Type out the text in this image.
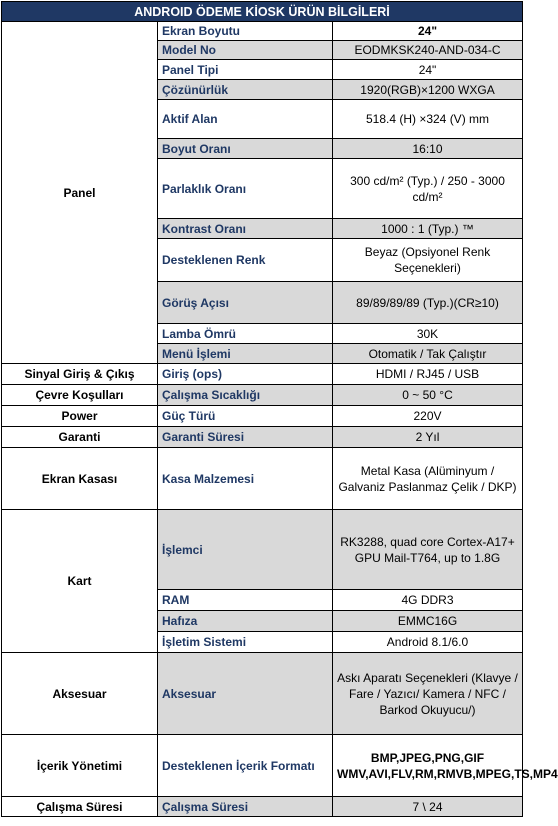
ANDROID ÖDEME KİOSK ÜRÜN BİLGİLERİ		
Panel	Ekran Boyutu	24"
	Model No	EODMKSK240-AND-034-C
	Panel Tipi	24"
	Çözünürlük	1920(RGB)×1200 WXGA
	Aktif Alan	518.4 (H) ×324 (V) mm
	Boyut Oranı	16:10
	Parlaklık Oranı	300 cd/m² (Typ.) / 250 - 3000 cd/m²
	Kontrast Oranı	1000 : 1 (Typ.) ™
	Desteklenen Renk	Beyaz (Opsiyonel Renk Seçenekleri)
	Görüş Açısı	89/89/89/89 (Typ.)(CR≥10)
	Lamba Ömrü	30K
	Menü İşlemi	Otomatik / Tak Çalıştır
Sinyal Giriş & Çıkış	Giriş (ops)	HDMI / RJ45 / USB
Çevre Koşulları	Çalışma Sıcaklığı	0 ~ 50 °C
Power	Güç Türü	220V
Garanti	Garanti Süresi	2 Yıl
Ekran Kasası	Kasa Malzemesi	Metal Kasa (Alüminyum / Galvaniz Paslanmaz Çelik / DKP)
Kart	İşlemci	RK3288, quad core Cortex-A17+ GPU Mail-T764, up to 1.8G
	RAM	4G DDR3
	Hafıza	EMMC16G
	İşletim Sistemi	Android 8.1/6.0
Aksesuar	Aksesuar	Askı Aparatı Seçenekleri (Klavye / Fare / Yazıcı/ Kamera / NFC / Barkod Okuyucu/)
İçerik Yönetimi	Desteklenen İçerik Formatı	BMP,JPEG,PNG,GIF WMV,AVI,FLV,RM,RMVB,MPEG,TS,MP4
Çalışma Süresi	Çalışma Süresi	7 \ 24
